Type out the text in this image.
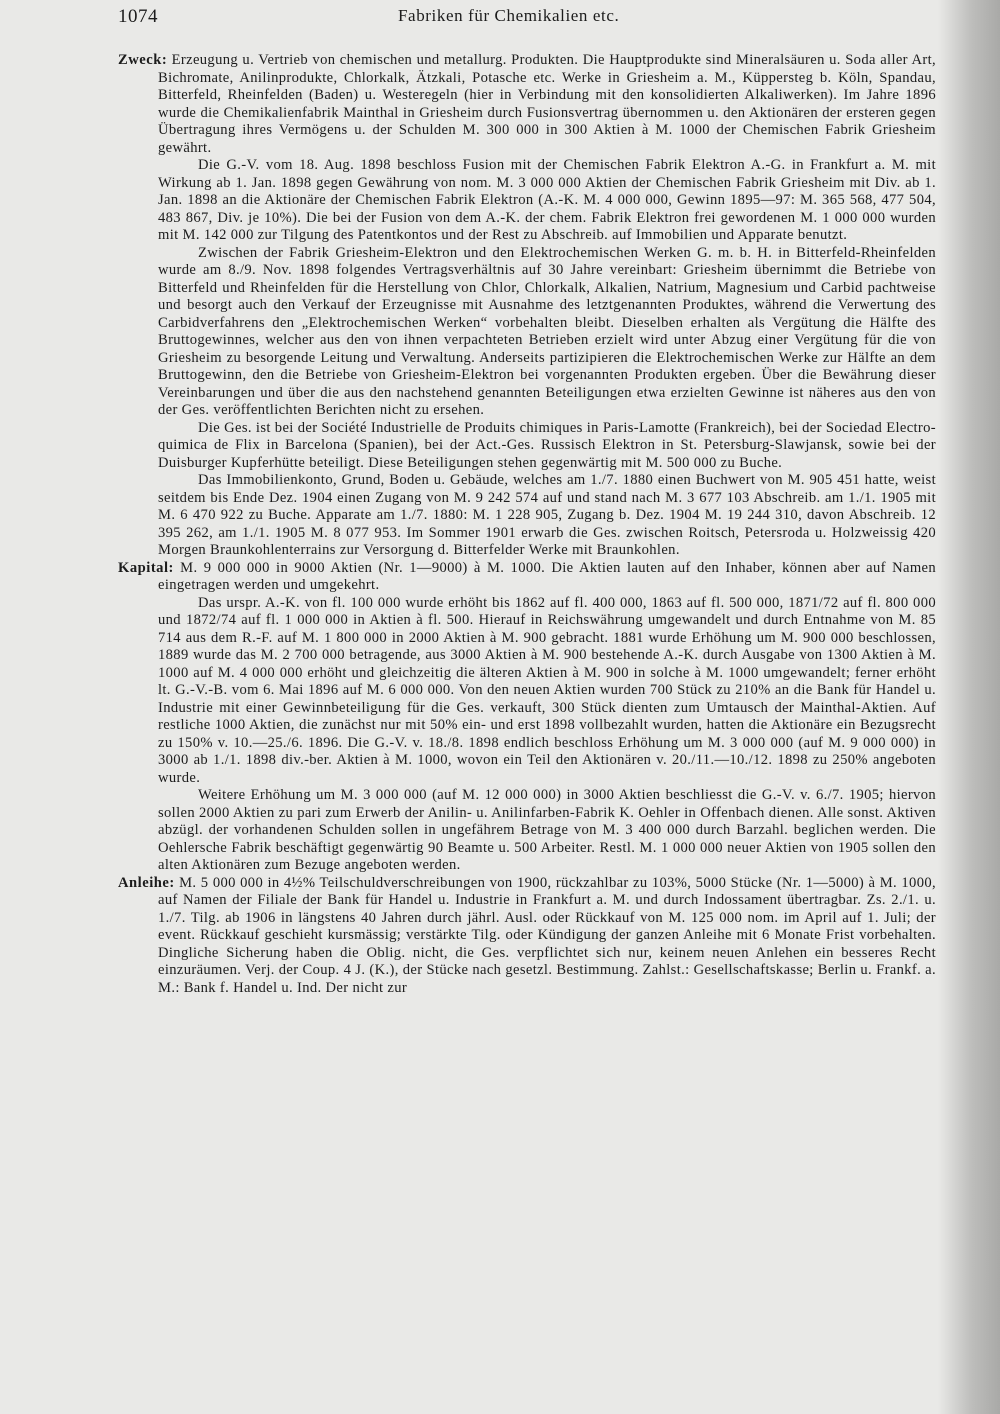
1074	Fabriken für Chemikalien etc.

Zweck: Erzeugung u. Vertrieb von chemischen und metallurg. Produkten. Die Hauptprodukte sind Mineralsäuren u. Soda aller Art, Bichromate, Anilinprodukte, Chlorkalk, Ätzkali, Potasche etc. Werke in Griesheim a. M., Küppersteg b. Köln, Spandau, Bitterfeld, Rheinfelden (Baden) u. Westeregeln (hier in Verbindung mit den konsolidierten Alkaliwerken). Im Jahre 1896 wurde die Chemikalienfabrik Mainthal in Griesheim durch Fusionsvertrag übernommen u. den Aktionären der ersteren gegen Übertragung ihres Vermögens u. der Schulden M. 300 000 in 300 Aktien à M. 1000 der Chemischen Fabrik Griesheim gewährt.

Die G.-V. vom 18. Aug. 1898 beschloss Fusion mit der Chemischen Fabrik Elektron A.-G. in Frankfurt a. M. mit Wirkung ab 1. Jan. 1898 gegen Gewährung von nom. M. 3 000 000 Aktien der Chemischen Fabrik Griesheim mit Div. ab 1. Jan. 1898 an die Aktionäre der Chemischen Fabrik Elektron (A.-K. M. 4 000 000, Gewinn 1895—97: M. 365 568, 477 504, 483 867, Div. je 10%). Die bei der Fusion von dem A.-K. der chem. Fabrik Elektron frei gewordenen M. 1 000 000 wurden mit M. 142 000 zur Tilgung des Patentkontos und der Rest zu Abschreib. auf Immobilien und Apparate benutzt.

Zwischen der Fabrik Griesheim-Elektron und den Elektrochemischen Werken G. m. b. H. in Bitterfeld-Rheinfelden wurde am 8./9. Nov. 1898 folgendes Vertragsverhältnis auf 30 Jahre vereinbart: Griesheim übernimmt die Betriebe von Bitterfeld und Rheinfelden für die Herstellung von Chlor, Chlorkalk, Alkalien, Natrium, Magnesium und Carbid pachtweise und besorgt auch den Verkauf der Erzeugnisse mit Ausnahme des letztgenannten Produktes, während die Verwertung des Carbidverfahrens den „Elektrochemischen Werken“ vorbehalten bleibt. Dieselben erhalten als Vergütung die Hälfte des Bruttogewinnes, welcher aus den von ihnen verpachteten Betrieben erzielt wird unter Abzug einer Vergütung für die von Griesheim zu besorgende Leitung und Verwaltung. Anderseits partizipieren die Elektrochemischen Werke zur Hälfte an dem Bruttogewinn, den die Betriebe von Griesheim-Elektron bei vorgenannten Produkten ergeben. Über die Bewährung dieser Vereinbarungen und über die aus den nachstehend genannten Beteiligungen etwa erzielten Gewinne ist näheres aus den von der Ges. veröffentlichten Berichten nicht zu ersehen.

Die Ges. ist bei der Société Industrielle de Produits chimiques in Paris-Lamotte (Frankreich), bei der Sociedad Electro-quimica de Flix in Barcelona (Spanien), bei der Act.-Ges. Russisch Elektron in St. Petersburg-Slawjansk, sowie bei der Duisburger Kupferhütte beteiligt. Diese Beteiligungen stehen gegenwärtig mit M. 500 000 zu Buche.

Das Immobilienkonto, Grund, Boden u. Gebäude, welches am 1./7. 1880 einen Buchwert von M. 905 451 hatte, weist seitdem bis Ende Dez. 1904 einen Zugang von M. 9 242 574 auf und stand nach M. 3 677 103 Abschreib. am 1./1. 1905 mit M. 6 470 922 zu Buche. Apparate am 1./7. 1880: M. 1 228 905, Zugang b. Dez. 1904 M. 19 244 310, davon Abschreib. 12 395 262, am 1./1. 1905 M. 8 077 953. Im Sommer 1901 erwarb die Ges. zwischen Roitsch, Petersroda u. Holzweissig 420 Morgen Braunkohlenterrains zur Versorgung d. Bitterfelder Werke mit Braunkohlen.

Kapital: M. 9 000 000 in 9000 Aktien (Nr. 1—9000) à M. 1000. Die Aktien lauten auf den Inhaber, können aber auf Namen eingetragen werden und umgekehrt.

Das urspr. A.-K. von fl. 100 000 wurde erhöht bis 1862 auf fl. 400 000, 1863 auf fl. 500 000, 1871/72 auf fl. 800 000 und 1872/74 auf fl. 1 000 000 in Aktien à fl. 500. Hierauf in Reichswährung umgewandelt und durch Entnahme von M. 85 714 aus dem R.-F. auf M. 1 800 000 in 2000 Aktien à M. 900 gebracht. 1881 wurde Erhöhung um M. 900 000 beschlossen, 1889 wurde das M. 2 700 000 betragende, aus 3000 Aktien à M. 900 bestehende A.-K. durch Ausgabe von 1300 Aktien à M. 1000 auf M. 4 000 000 erhöht und gleichzeitig die älteren Aktien à M. 900 in solche à M. 1000 umgewandelt; ferner erhöht lt. G.-V.-B. vom 6. Mai 1896 auf M. 6 000 000. Von den neuen Aktien wurden 700 Stück zu 210% an die Bank für Handel u. Industrie mit einer Gewinnbeteiligung für die Ges. verkauft, 300 Stück dienten zum Umtausch der Mainthal-Aktien. Auf restliche 1000 Aktien, die zunächst nur mit 50% ein- und erst 1898 vollbezahlt wurden, hatten die Aktionäre ein Bezugsrecht zu 150% v. 10.—25./6. 1896. Die G.-V. v. 18./8. 1898 endlich beschloss Erhöhung um M. 3 000 000 (auf M. 9 000 000) in 3000 ab 1./1. 1898 div.-ber. Aktien à M. 1000, wovon ein Teil den Aktionären v. 20./11.—10./12. 1898 zu 250% angeboten wurde.

Weitere Erhöhung um M. 3 000 000 (auf M. 12 000 000) in 3000 Aktien beschliesst die G.-V. v. 6./7. 1905; hiervon sollen 2000 Aktien zu pari zum Erwerb der Anilin- u. Anilinfarben-Fabrik K. Oehler in Offenbach dienen. Alle sonst. Aktiven abzügl. der vorhandenen Schulden sollen in ungefährem Betrage von M. 3 400 000 durch Barzahl. beglichen werden. Die Oehlersche Fabrik beschäftigt gegenwärtig 90 Beamte u. 500 Arbeiter. Restl. M. 1 000 000 neuer Aktien von 1905 sollen den alten Aktionären zum Bezuge angeboten werden.

Anleihe: M. 5 000 000 in 4½% Teilschuldverschreibungen von 1900, rückzahlbar zu 103%, 5000 Stücke (Nr. 1—5000) à M. 1000, auf Namen der Filiale der Bank für Handel u. Industrie in Frankfurt a. M. und durch Indossament übertragbar. Zs. 2./1. u. 1./7. Tilg. ab 1906 in längstens 40 Jahren durch jährl. Ausl. oder Rückkauf von M. 125 000 nom. im April auf 1. Juli; der event. Rückkauf geschieht kursmässig; verstärkte Tilg. oder Kündigung der ganzen Anleihe mit 6 Monate Frist vorbehalten. Dingliche Sicherung haben die Oblig. nicht, die Ges. verpflichtet sich nur, keinem neuen Anlehen ein besseres Recht einzuräumen. Verj. der Coup. 4 J. (K.), der Stücke nach gesetzl. Bestimmung. Zahlst.: Gesellschaftskasse; Berlin u. Frankf. a. M.: Bank f. Handel u. Ind. Der nicht zur
